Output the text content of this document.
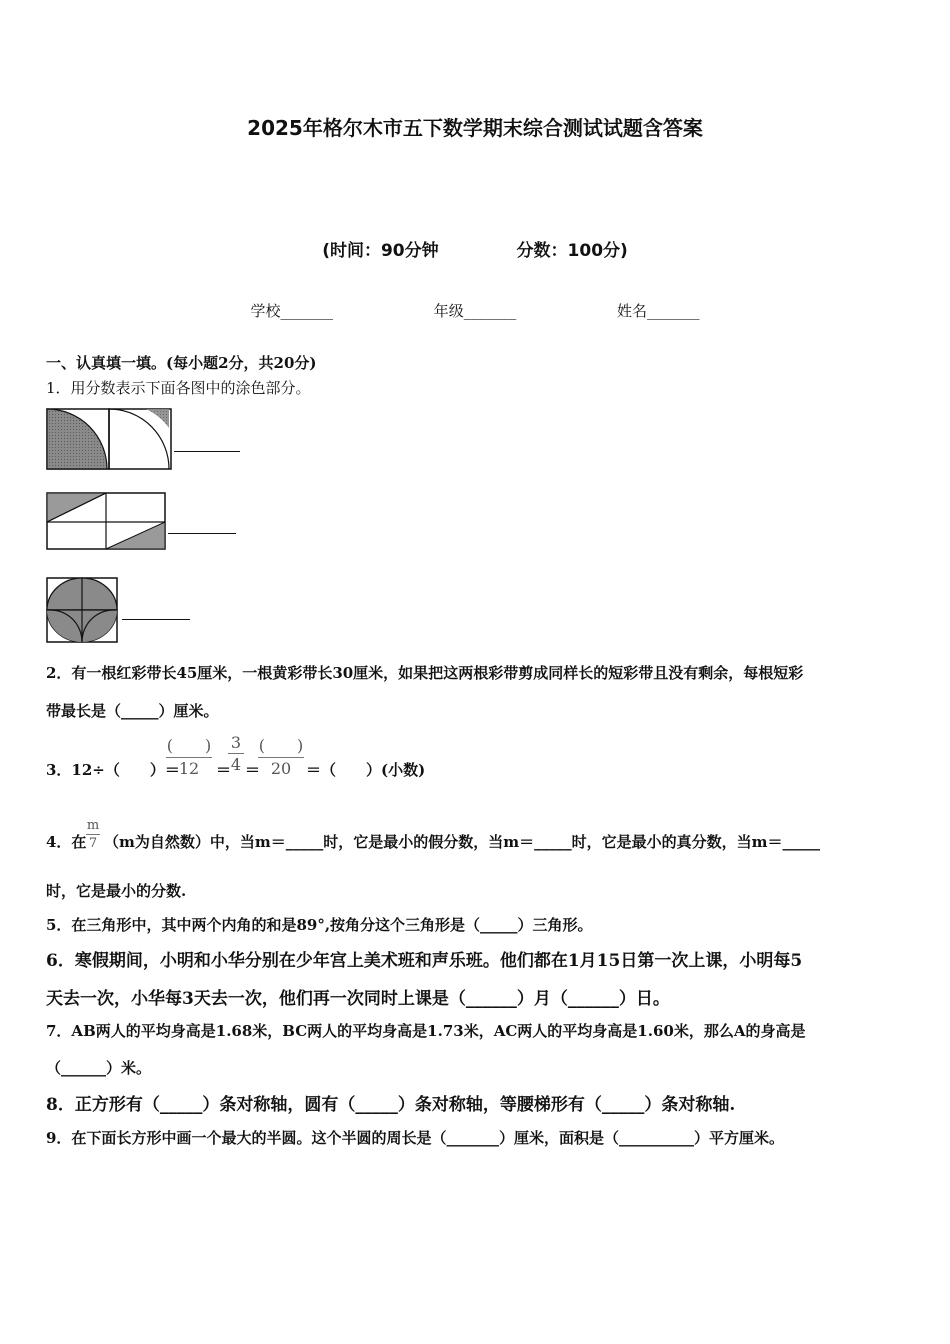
2025年格尔木市五下数学期末综合测试试题含答案
(时间：90分钟	分数：100分)
学校_______	年级_______	姓名_______
一、认真填一填。(每小题2分，共20分)
1．用分数表示下面各图中的涂色部分。
2．有一根红彩带长45厘米，一根黄彩带长30厘米，如果把这两根彩带剪成同样长的短彩带且没有剩余，每根短彩
带最长是（_____）厘米。
3．12÷（　　）＝
(　　)
12	＝
3
4 ＝
(　　)
20 ＝（　　）(小数)
4．在
m
7 （m为自然数）中，当m＝_____时，它是最小的假分数，当m＝_____时，它是最小的真分数，当m＝_____
时，它是最小的分数.
5．在三角形中，其中两个内角的和是89°,按角分这个三角形是（_____）三角形。
6．寒假期间，小明和小华分别在少年宫上美术班和声乐班。他们都在1月15日第一次上课，小明每5
天去一次，小华每3天去一次，他们再一次同时上课是（______）月（______）日。
7．AB两人的平均身高是1.68米，BC两人的平均身高是1.73米，AC两人的平均身高是1.60米，那么A的身高是
（______）米。
8．正方形有（_____）条对称轴，圆有（_____）条对称轴，等腰梯形有（_____）条对称轴.
9．在下面长方形中画一个最大的半圆。这个半圆的周长是（_______）厘米，面积是（__________）平方厘米。
